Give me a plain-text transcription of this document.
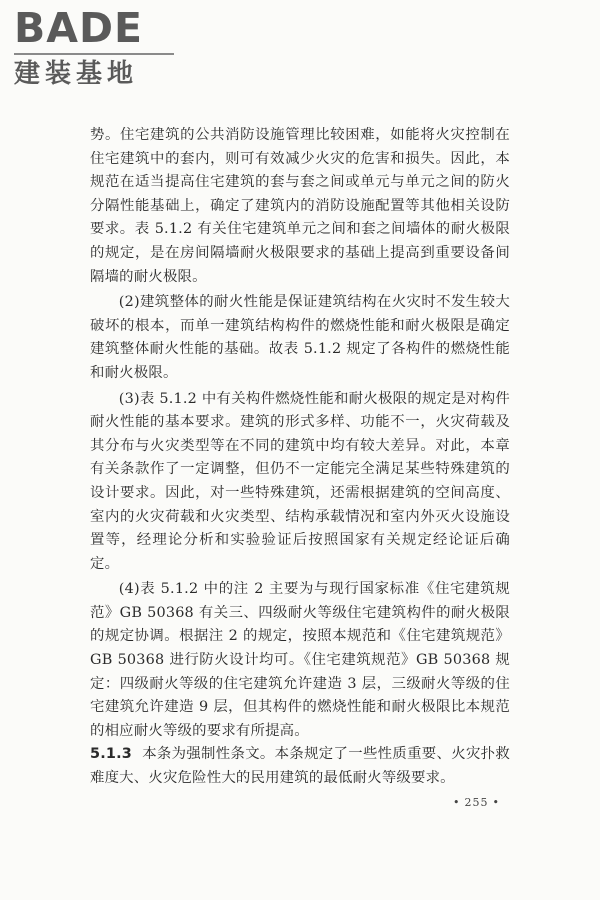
BADE
建装基地

势。住宅建筑的公共消防设施管理比较困难，如能将火灾控制在住宅建筑中的套内，则可有效减少火灾的危害和损失。因此，本规范在适当提高住宅建筑的套与套之间或单元与单元之间的防火分隔性能基础上，确定了建筑内的消防设施配置等其他相关设防要求。表 5.1.2 有关住宅建筑单元之间和套之间墙体的耐火极限的规定，是在房间隔墙耐火极限要求的基础上提高到重要设备间隔墙的耐火极限。

(2)建筑整体的耐火性能是保证建筑结构在火灾时不发生较大破坏的根本，而单一建筑结构构件的燃烧性能和耐火极限是确定建筑整体耐火性能的基础。故表 5.1.2 规定了各构件的燃烧性能和耐火极限。

(3)表 5.1.2 中有关构件燃烧性能和耐火极限的规定是对构件耐火性能的基本要求。建筑的形式多样、功能不一，火灾荷载及其分布与火灾类型等在不同的建筑中均有较大差异。对此，本章有关条款作了一定调整，但仍不一定能完全满足某些特殊建筑的设计要求。因此，对一些特殊建筑，还需根据建筑的空间高度、室内的火灾荷载和火灾类型、结构承载情况和室内外灭火设施设置等，经理论分析和实验验证后按照国家有关规定经论证后确定。

(4)表 5.1.2 中的注 2 主要为与现行国家标准《住宅建筑规范》GB 50368 有关三、四级耐火等级住宅建筑构件的耐火极限的规定协调。根据注 2 的规定，按照本规范和《住宅建筑规范》GB 50368 进行防火设计均可。《住宅建筑规范》GB 50368 规定：四级耐火等级的住宅建筑允许建造 3 层，三级耐火等级的住宅建筑允许建造 9 层，但其构件的燃烧性能和耐火极限比本规范的相应耐火等级的要求有所提高。

5.1.3 本条为强制性条文。本条规定了一些性质重要、火灾扑救难度大、火灾危险性大的民用建筑的最低耐火等级要求。

• 255 •
